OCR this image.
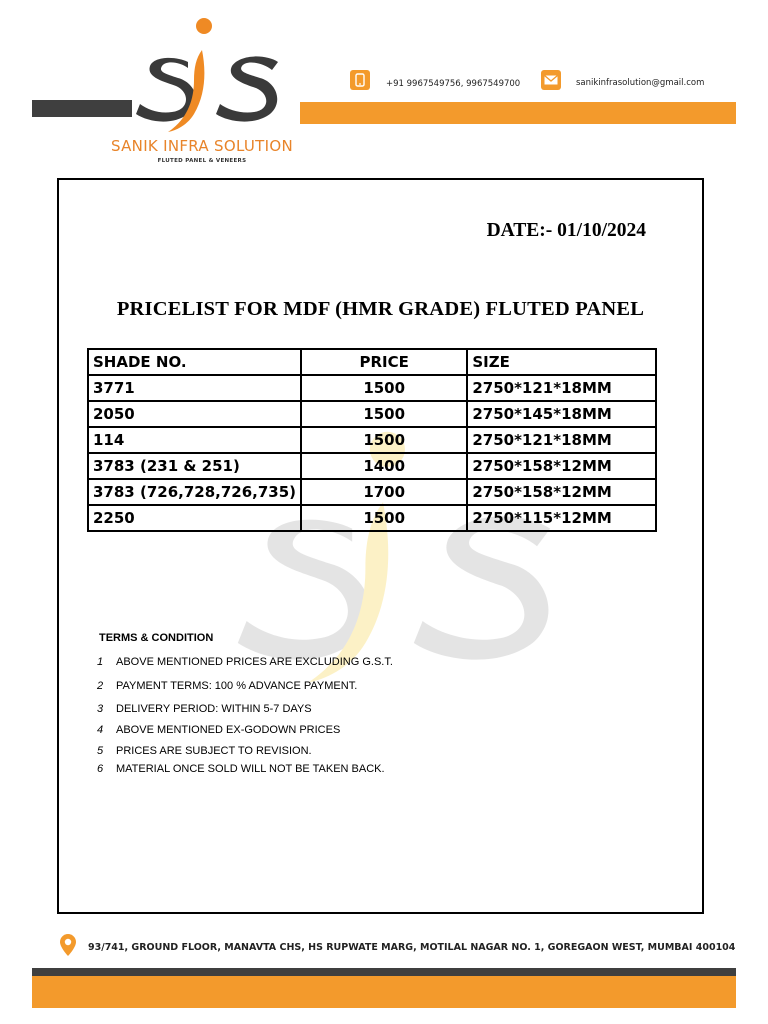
SANIK INFRA SOLUTION
FLUTED PANEL & VENEERS
+91 9967549756, 9967549700	sanikinfrasolution@gmail.com
DATE:- 01/10/2024
PRICELIST FOR MDF (HMR GRADE) FLUTED PANEL
SHADE NO.	PRICE	SIZE
3771	1500	2750*121*18MM
2050	1500	2750*145*18MM
114	1500	2750*121*18MM
3783 (231 & 251)	1400	2750*158*12MM
3783 (726,728,726,735)	1700	2750*158*12MM
2250	1500	2750*115*12MM
TERMS & CONDITION
1 ABOVE MENTIONED PRICES ARE EXCLUDING G.S.T.
2 PAYMENT TERMS: 100 % ADVANCE PAYMENT.
3 DELIVERY PERIOD: WITHIN 5-7 DAYS
4 ABOVE MENTIONED EX-GODOWN PRICES
5 PRICES ARE SUBJECT TO REVISION.
6 MATERIAL ONCE SOLD WILL NOT BE TAKEN BACK.
93/741, GROUND FLOOR, MANAVTA CHS, HS RUPWATE MARG, MOTILAL NAGAR NO. 1, GOREGAON WEST, MUMBAI 400104
